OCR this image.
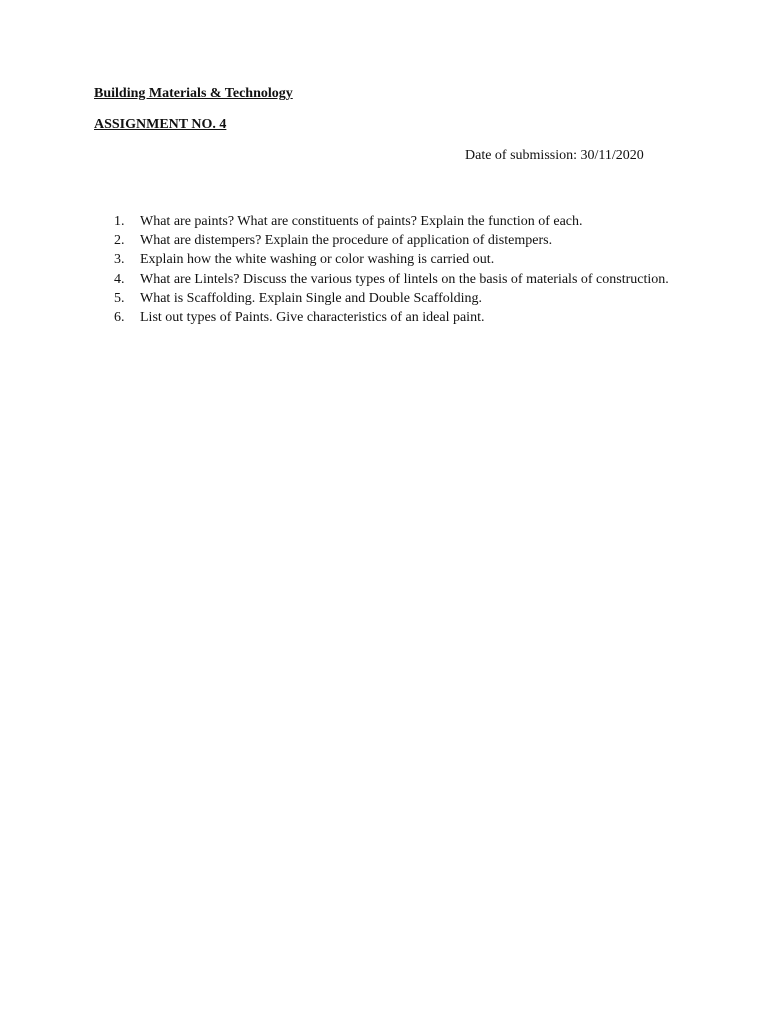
Building Materials & Technology
ASSIGNMENT NO. 4
Date of submission: 30/11/2020
1. What are paints? What are constituents of paints? Explain the function of each.
2. What are distempers? Explain the procedure of application of distempers.
3. Explain how the white washing or color washing is carried out.
4. What are Lintels? Discuss the various types of lintels on the basis of materials of construction.
5. What is Scaffolding. Explain Single and Double Scaffolding.
6. List out types of Paints. Give characteristics of an ideal paint.
